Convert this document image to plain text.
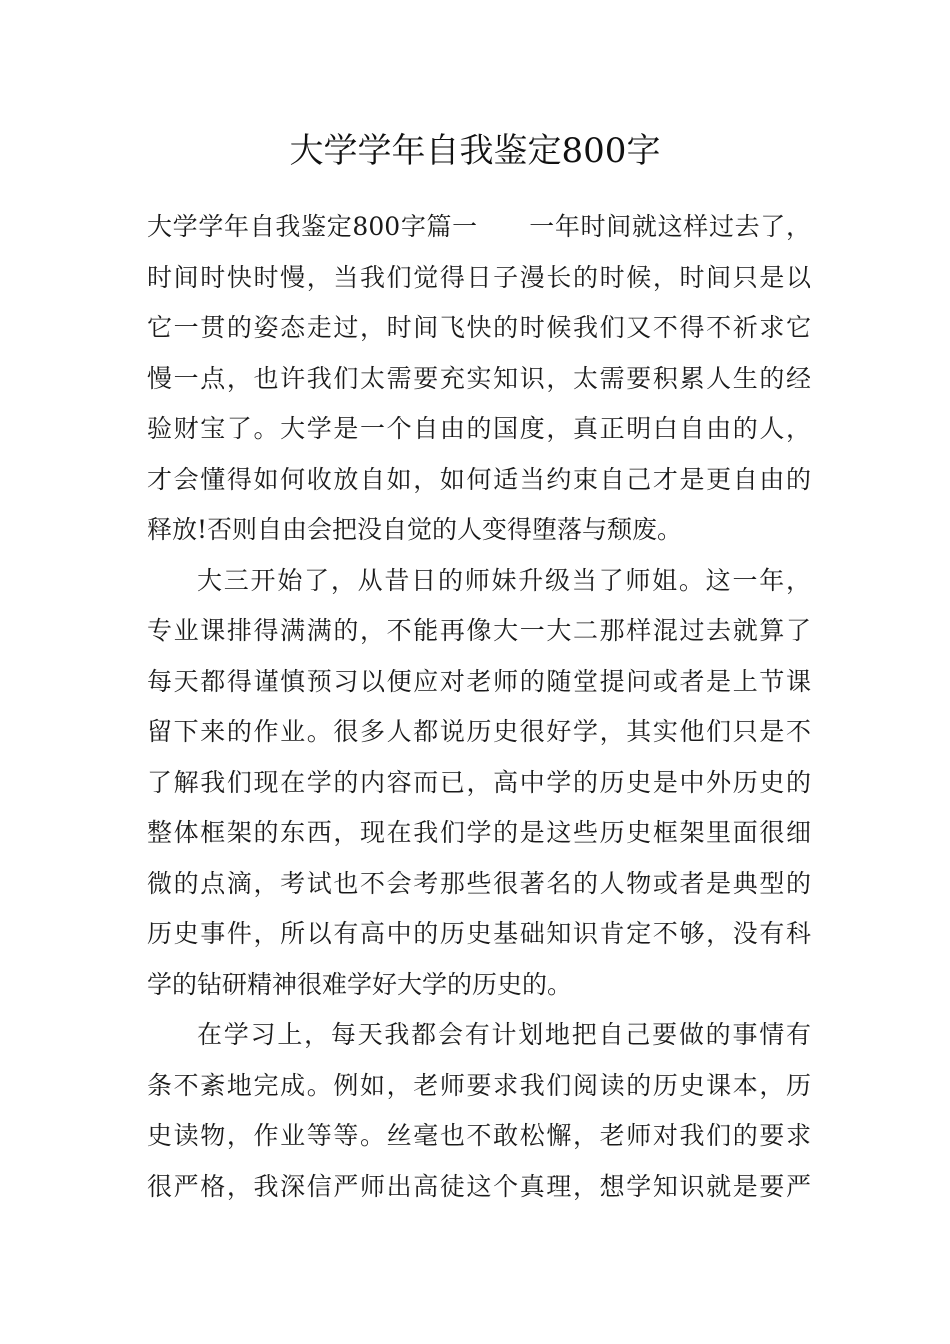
大学学年自我鉴定800字
大学学年自我鉴定800字篇一　　一年时间就这样过去了，
时间时快时慢，当我们觉得日子漫长的时候，时间只是以
它一贯的姿态走过，时间飞快的时候我们又不得不祈求它
慢一点，也许我们太需要充实知识，太需要积累人生的经
验财宝了。大学是一个自由的国度，真正明白自由的人，
才会懂得如何收放自如，如何适当约束自己才是更自由的
释放!否则自由会把没自觉的人变得堕落与颓废。
大三开始了，从昔日的师妹升级当了师姐。这一年，
专业课排得满满的，不能再像大一大二那样混过去就算了
每天都得谨慎预习以便应对老师的随堂提问或者是上节课
留下来的作业。很多人都说历史很好学，其实他们只是不
了解我们现在学的内容而已，高中学的历史是中外历史的
整体框架的东西，现在我们学的是这些历史框架里面很细
微的点滴，考试也不会考那些很著名的人物或者是典型的
历史事件，所以有高中的历史基础知识肯定不够，没有科
学的钻研精神很难学好大学的历史的。
在学习上，每天我都会有计划地把自己要做的事情有
条不紊地完成。例如，老师要求我们阅读的历史课本，历
史读物，作业等等。丝毫也不敢松懈，老师对我们的要求
很严格，我深信严师出高徒这个真理，想学知识就是要严
